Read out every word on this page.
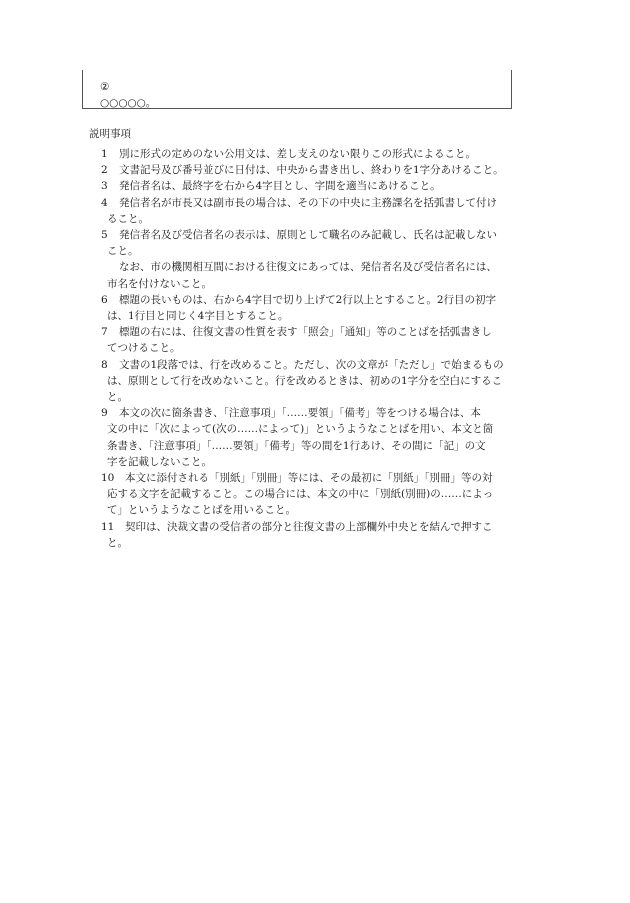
②
○○○○○。
説明事項
1 別に形式の定めのない公用文は、差し支えのない限りこの形式によること。
2 文書記号及び番号並びに日付は、中央から書き出し、終わりを1字分あけること。
3 発信者名は、最終字を右から4字目とし、字間を適当にあけること。
4 発信者名が市長又は副市長の場合は、その下の中央に主務課名を括弧書して付け
ること。
5 発信者名及び受信者名の表示は、原則として職名のみ記載し、氏名は記載しない
こと。
なお、市の機関相互間における往復文にあっては、発信者名及び受信者名には、
市名を付けないこと。
6 標題の長いものは、右から4字目で切り上げて2行以上とすること。2行目の初字
は、1行目と同じく4字目とすること。
7 標題の右には、往復文書の性質を表す「照会」「通知」等のことばを括弧書きし
てつけること。
8 文書の1段落では、行を改めること。ただし、次の文章が「ただし」で始まるもの
は、原則として行を改めないこと。行を改めるときは、初めの1字分を空白にするこ
と。
9 本文の次に箇条書き、「注意事項」「……要領」「備考」等をつける場合は、本
文の中に「次によって(次の……によって)」というようなことばを用い、本文と箇
条書き、「注意事項」「……要領」「備考」等の間を1行あけ、その間に「記」の文
字を記載しないこと。
10 本文に添付される「別紙」「別冊」等には、その最初に「別紙」「別冊」等の対
応する文字を記載すること。この場合には、本文の中に「別紙(別冊)の……によっ
て」というようなことばを用いること。
11 契印は、決裁文書の受信者の部分と往復文書の上部欄外中央とを結んで押すこ
と。
